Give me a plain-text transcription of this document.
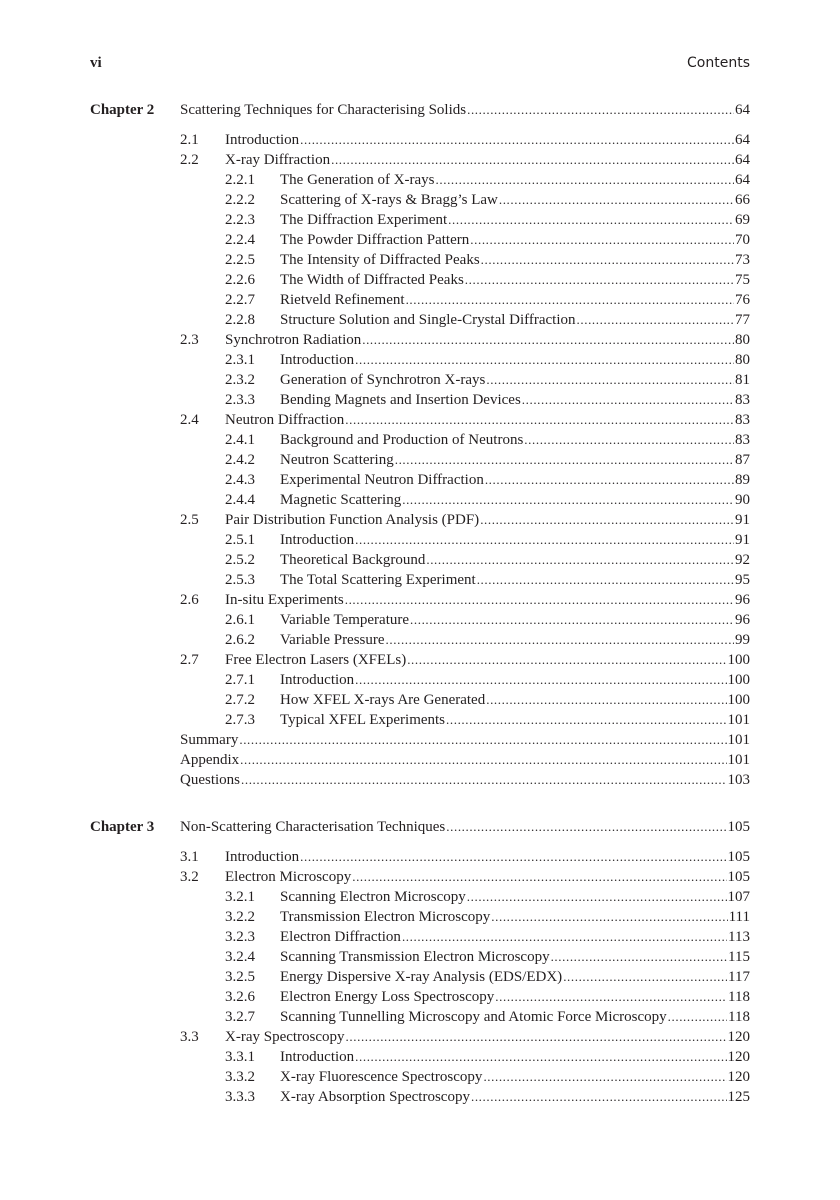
vi	Contents
Chapter 2 Scattering Techniques for Characterising Solids .....	64
2.1 Introduction .....	64
2.2 X-ray Diffraction .....	64
2.2.1 The Generation of X-rays .....	64
2.2.2 Scattering of X-rays & Bragg’s Law .....	66
2.2.3 The Diffraction Experiment .....	69
2.2.4 The Powder Diffraction Pattern .....	70
2.2.5 The Intensity of Diffracted Peaks .....	73
2.2.6 The Width of Diffracted Peaks .....	75
2.2.7 Rietveld Refinement .....	76
2.2.8 Structure Solution and Single-Crystal Diffraction .....	77
2.3 Synchrotron Radiation .....	80
2.3.1 Introduction .....	80
2.3.2 Generation of Synchrotron X-rays .....	81
2.3.3 Bending Magnets and Insertion Devices .....	83
2.4 Neutron Diffraction .....	83
2.4.1 Background and Production of Neutrons .....	83
2.4.2 Neutron Scattering .....	87
2.4.3 Experimental Neutron Diffraction .....	89
2.4.4 Magnetic Scattering .....	90
2.5 Pair Distribution Function Analysis (PDF) .....	91
2.5.1 Introduction .....	91
2.5.2 Theoretical Background .....	92
2.5.3 The Total Scattering Experiment .....	95
2.6 In-situ Experiments .....	96
2.6.1 Variable Temperature .....	96
2.6.2 Variable Pressure .....	99
2.7 Free Electron Lasers (XFELs) .....	100
2.7.1 Introduction .....	100
2.7.2 How XFEL X-rays Are Generated .....	100
2.7.3 Typical XFEL Experiments .....	101
Summary .....	101
Appendix .....	101
Questions .....	103
Chapter 3 Non-Scattering Characterisation Techniques .....	105
3.1 Introduction .....	105
3.2 Electron Microscopy .....	105
3.2.1 Scanning Electron Microscopy .....	107
3.2.2 Transmission Electron Microscopy .....	111
3.2.3 Electron Diffraction .....	113
3.2.4 Scanning Transmission Electron Microscopy .....	115
3.2.5 Energy Dispersive X-ray Analysis (EDS/EDX) .....	117
3.2.6 Electron Energy Loss Spectroscopy .....	118
3.2.7 Scanning Tunnelling Microscopy and Atomic Force Microscopy .....	118
3.3 X-ray Spectroscopy .....	120
3.3.1 Introduction .....	120
3.3.2 X-ray Fluorescence Spectroscopy .....	120
3.3.3 X-ray Absorption Spectroscopy .....	125
